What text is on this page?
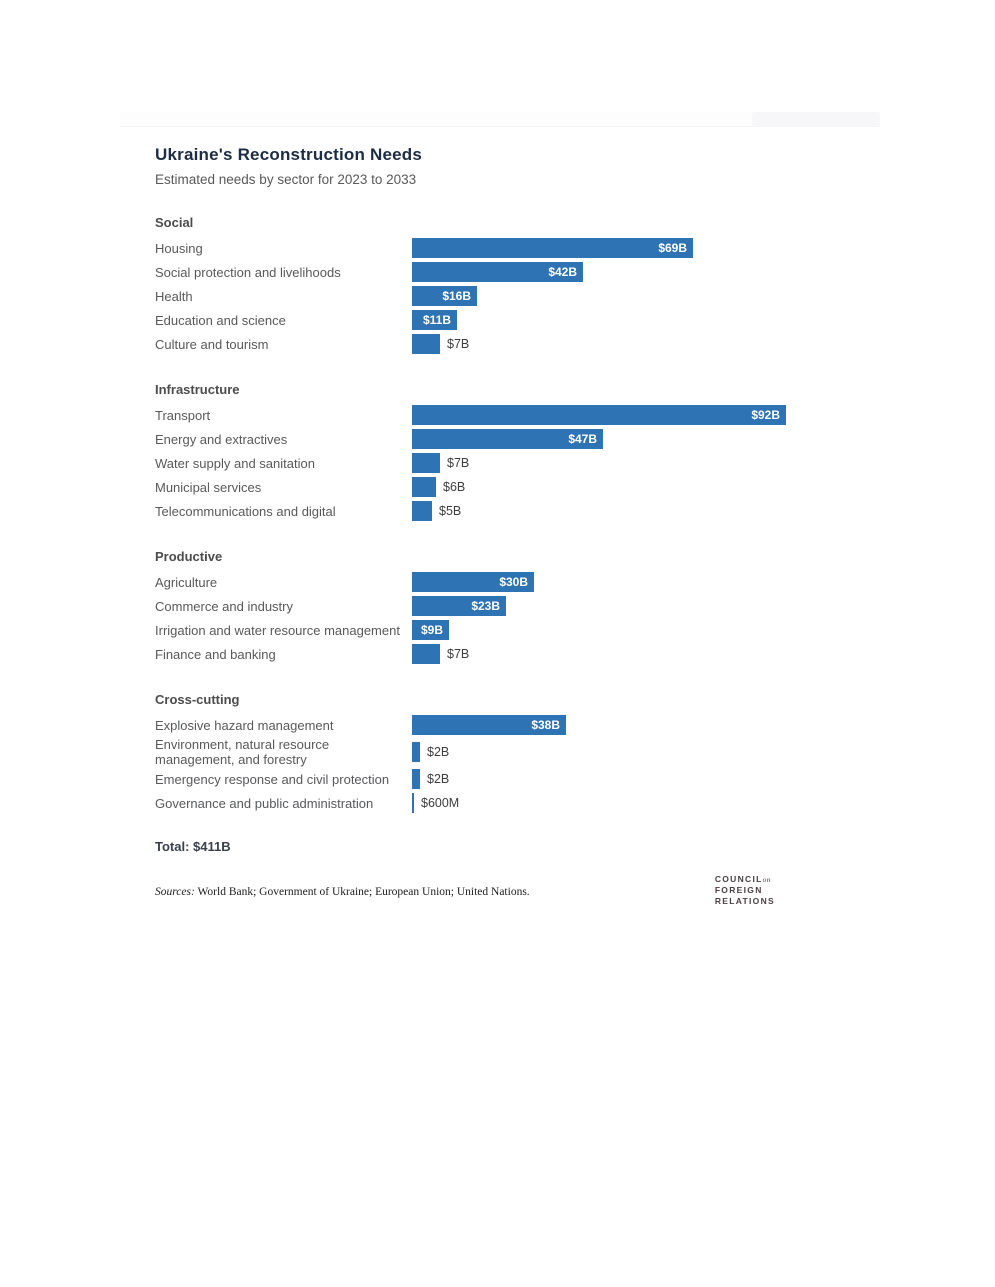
Ukraine's Reconstruction Needs

Estimated needs by sector for 2023 to 2033

Social
Housing	$69B
Social protection and livelihoods	$42B
Health	$16B
Education and science	$11B
Culture and tourism	$7B
Infrastructure
Transport	$92B
Energy and extractives	$47B
Water supply and sanitation	$7B
Municipal services	$6B
Telecommunications and digital	$5B
Productive
Agriculture	$30B
Commerce and industry	$23B
Irrigation and water resource management	$9B
Finance and banking	$7B
Cross-cutting
Explosive hazard management	$38B
Environment, natural resource management, and forestry	$2B
Emergency response and civil protection	$2B
Governance and public administration	$600M
Total: $411B

Sources: World Bank; Government of Ukraine; European Union; United Nations.

COUNCILon
FOREIGN
RELATIONS
